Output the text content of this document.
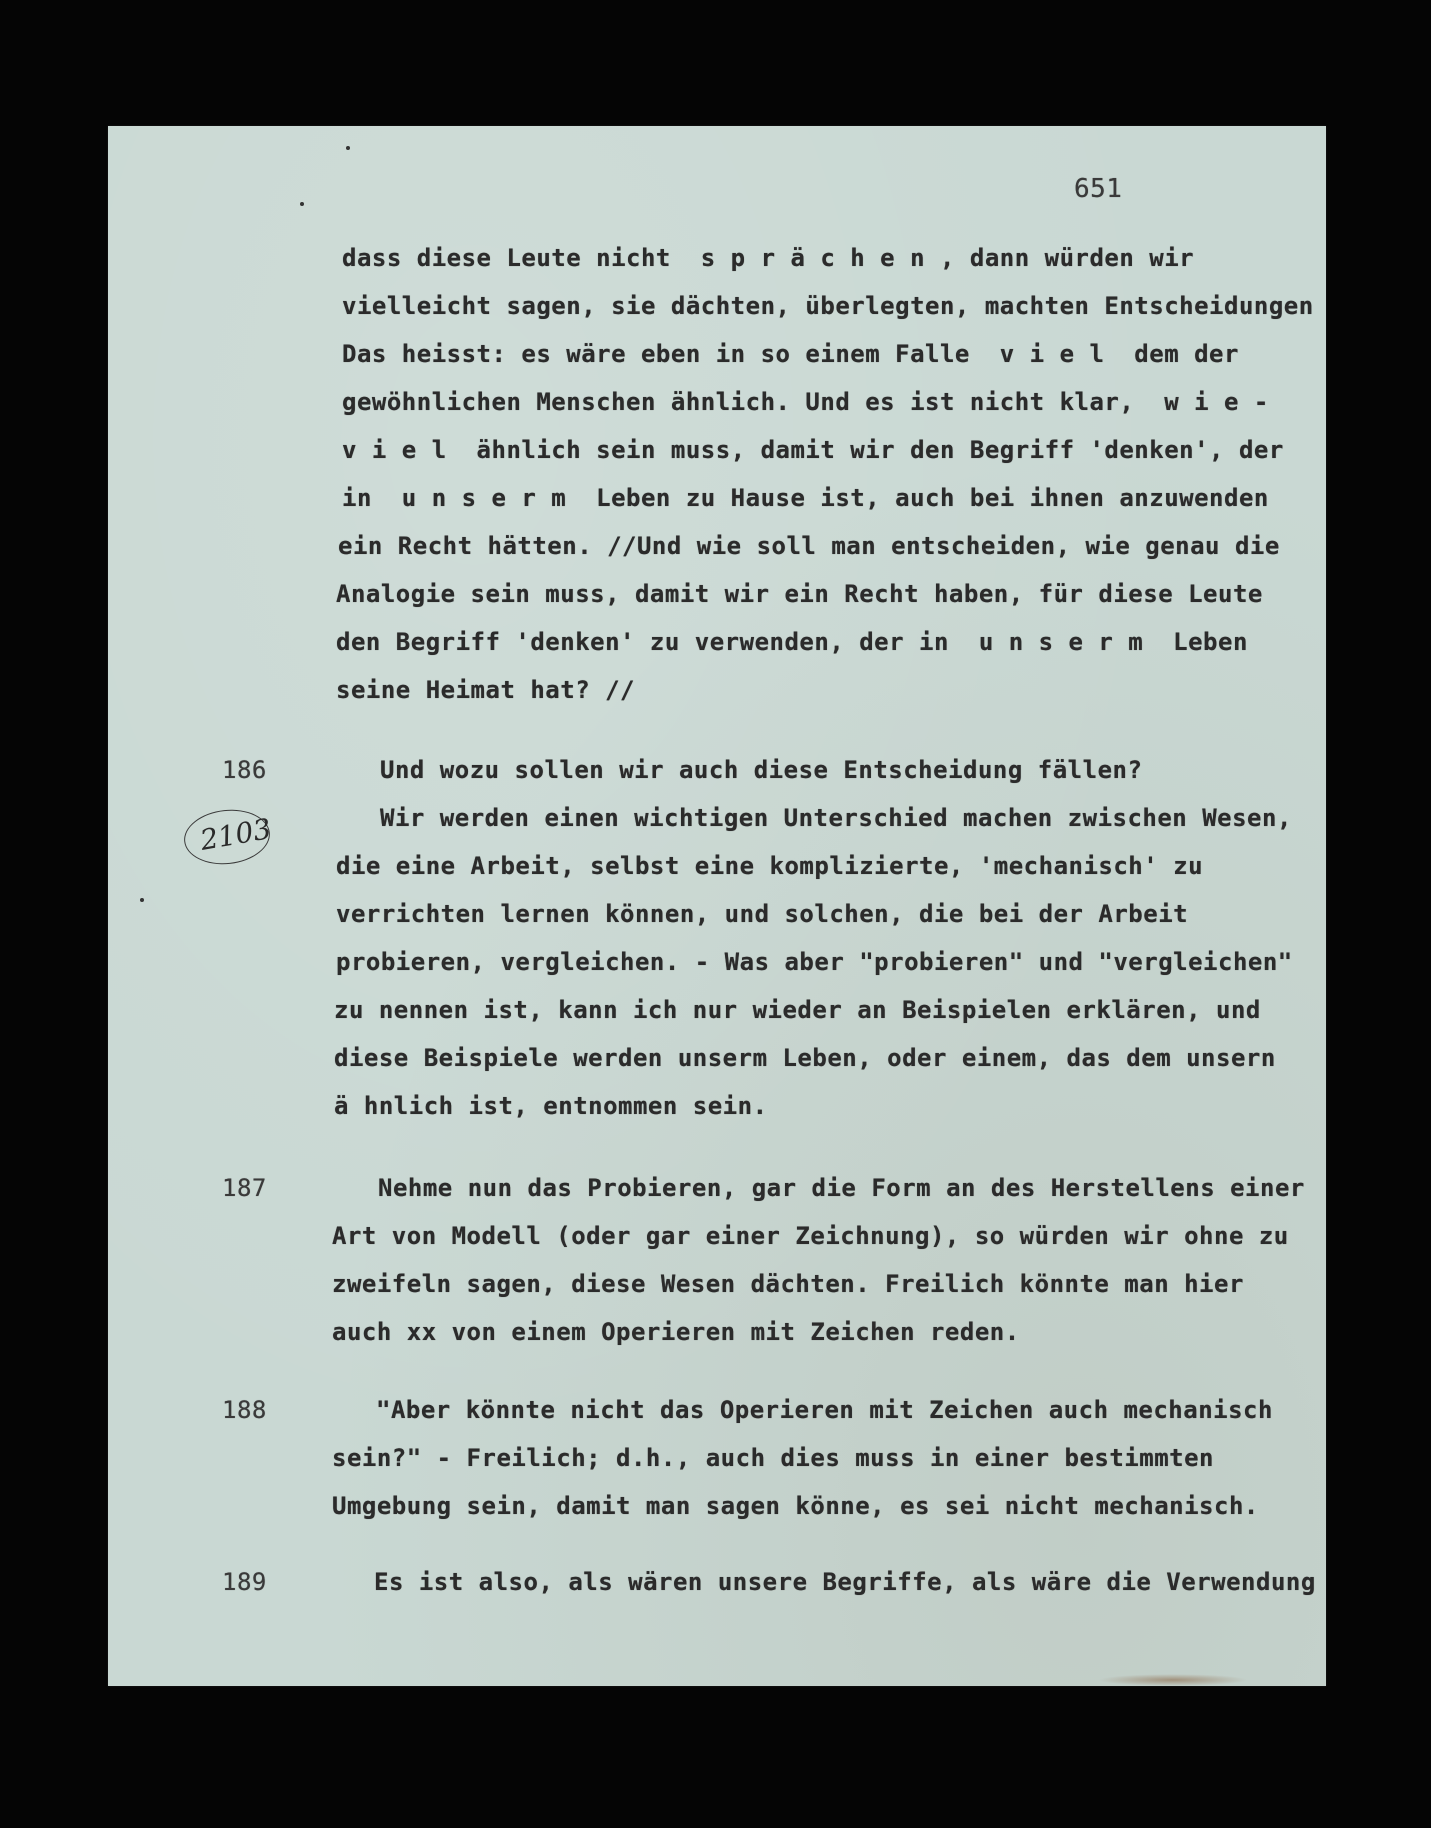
651
dass diese Leute nicht  s p r ä c h e n , dann würden wir
vielleicht sagen, sie dächten, überlegten, machten Entscheidungen
Das heisst: es wäre eben in so einem Falle  v i e l  dem der
gewöhnlichen Menschen ähnlich. Und es ist nicht klar,  w i e -
v i e l  ähnlich sein muss, damit wir den Begriff 'denken', der
in  u n s e r m  Leben zu Hause ist, auch bei ihnen anzuwenden
ein Recht hätten. //Und wie soll man entscheiden, wie genau die
Analogie sein muss, damit wir ein Recht haben, für diese Leute
den Begriff 'denken' zu verwenden, der in  u n s e r m  Leben
seine Heimat hat? //
186	Und wozu sollen wir auch diese Entscheidung fällen?
2103	Wir werden einen wichtigen Unterschied machen zwischen Wesen,
die eine Arbeit, selbst eine komplizierte, 'mechanisch' zu
verrichten lernen können, und solchen, die bei der Arbeit
probieren, vergleichen. - Was aber "probieren" und "vergleichen"
zu nennen ist, kann ich nur wieder an Beispielen erklären, und
diese Beispiele werden unserm Leben, oder einem, das dem unsern
ä hnlich ist, entnommen sein.
187	Nehme nun das Probieren, gar die Form an des Herstellens einer
Art von Modell (oder gar einer Zeichnung), so würden wir ohne zu
zweifeln sagen, diese Wesen dächten. Freilich könnte man hier
auch xx von einem Operieren mit Zeichen reden.
188	"Aber könnte nicht das Operieren mit Zeichen auch mechanisch
sein?" - Freilich; d.h., auch dies muss in einer bestimmten
Umgebung sein, damit man sagen könne, es sei nicht mechanisch.
189	Es ist also, als wären unsere Begriffe, als wäre die Verwendung
